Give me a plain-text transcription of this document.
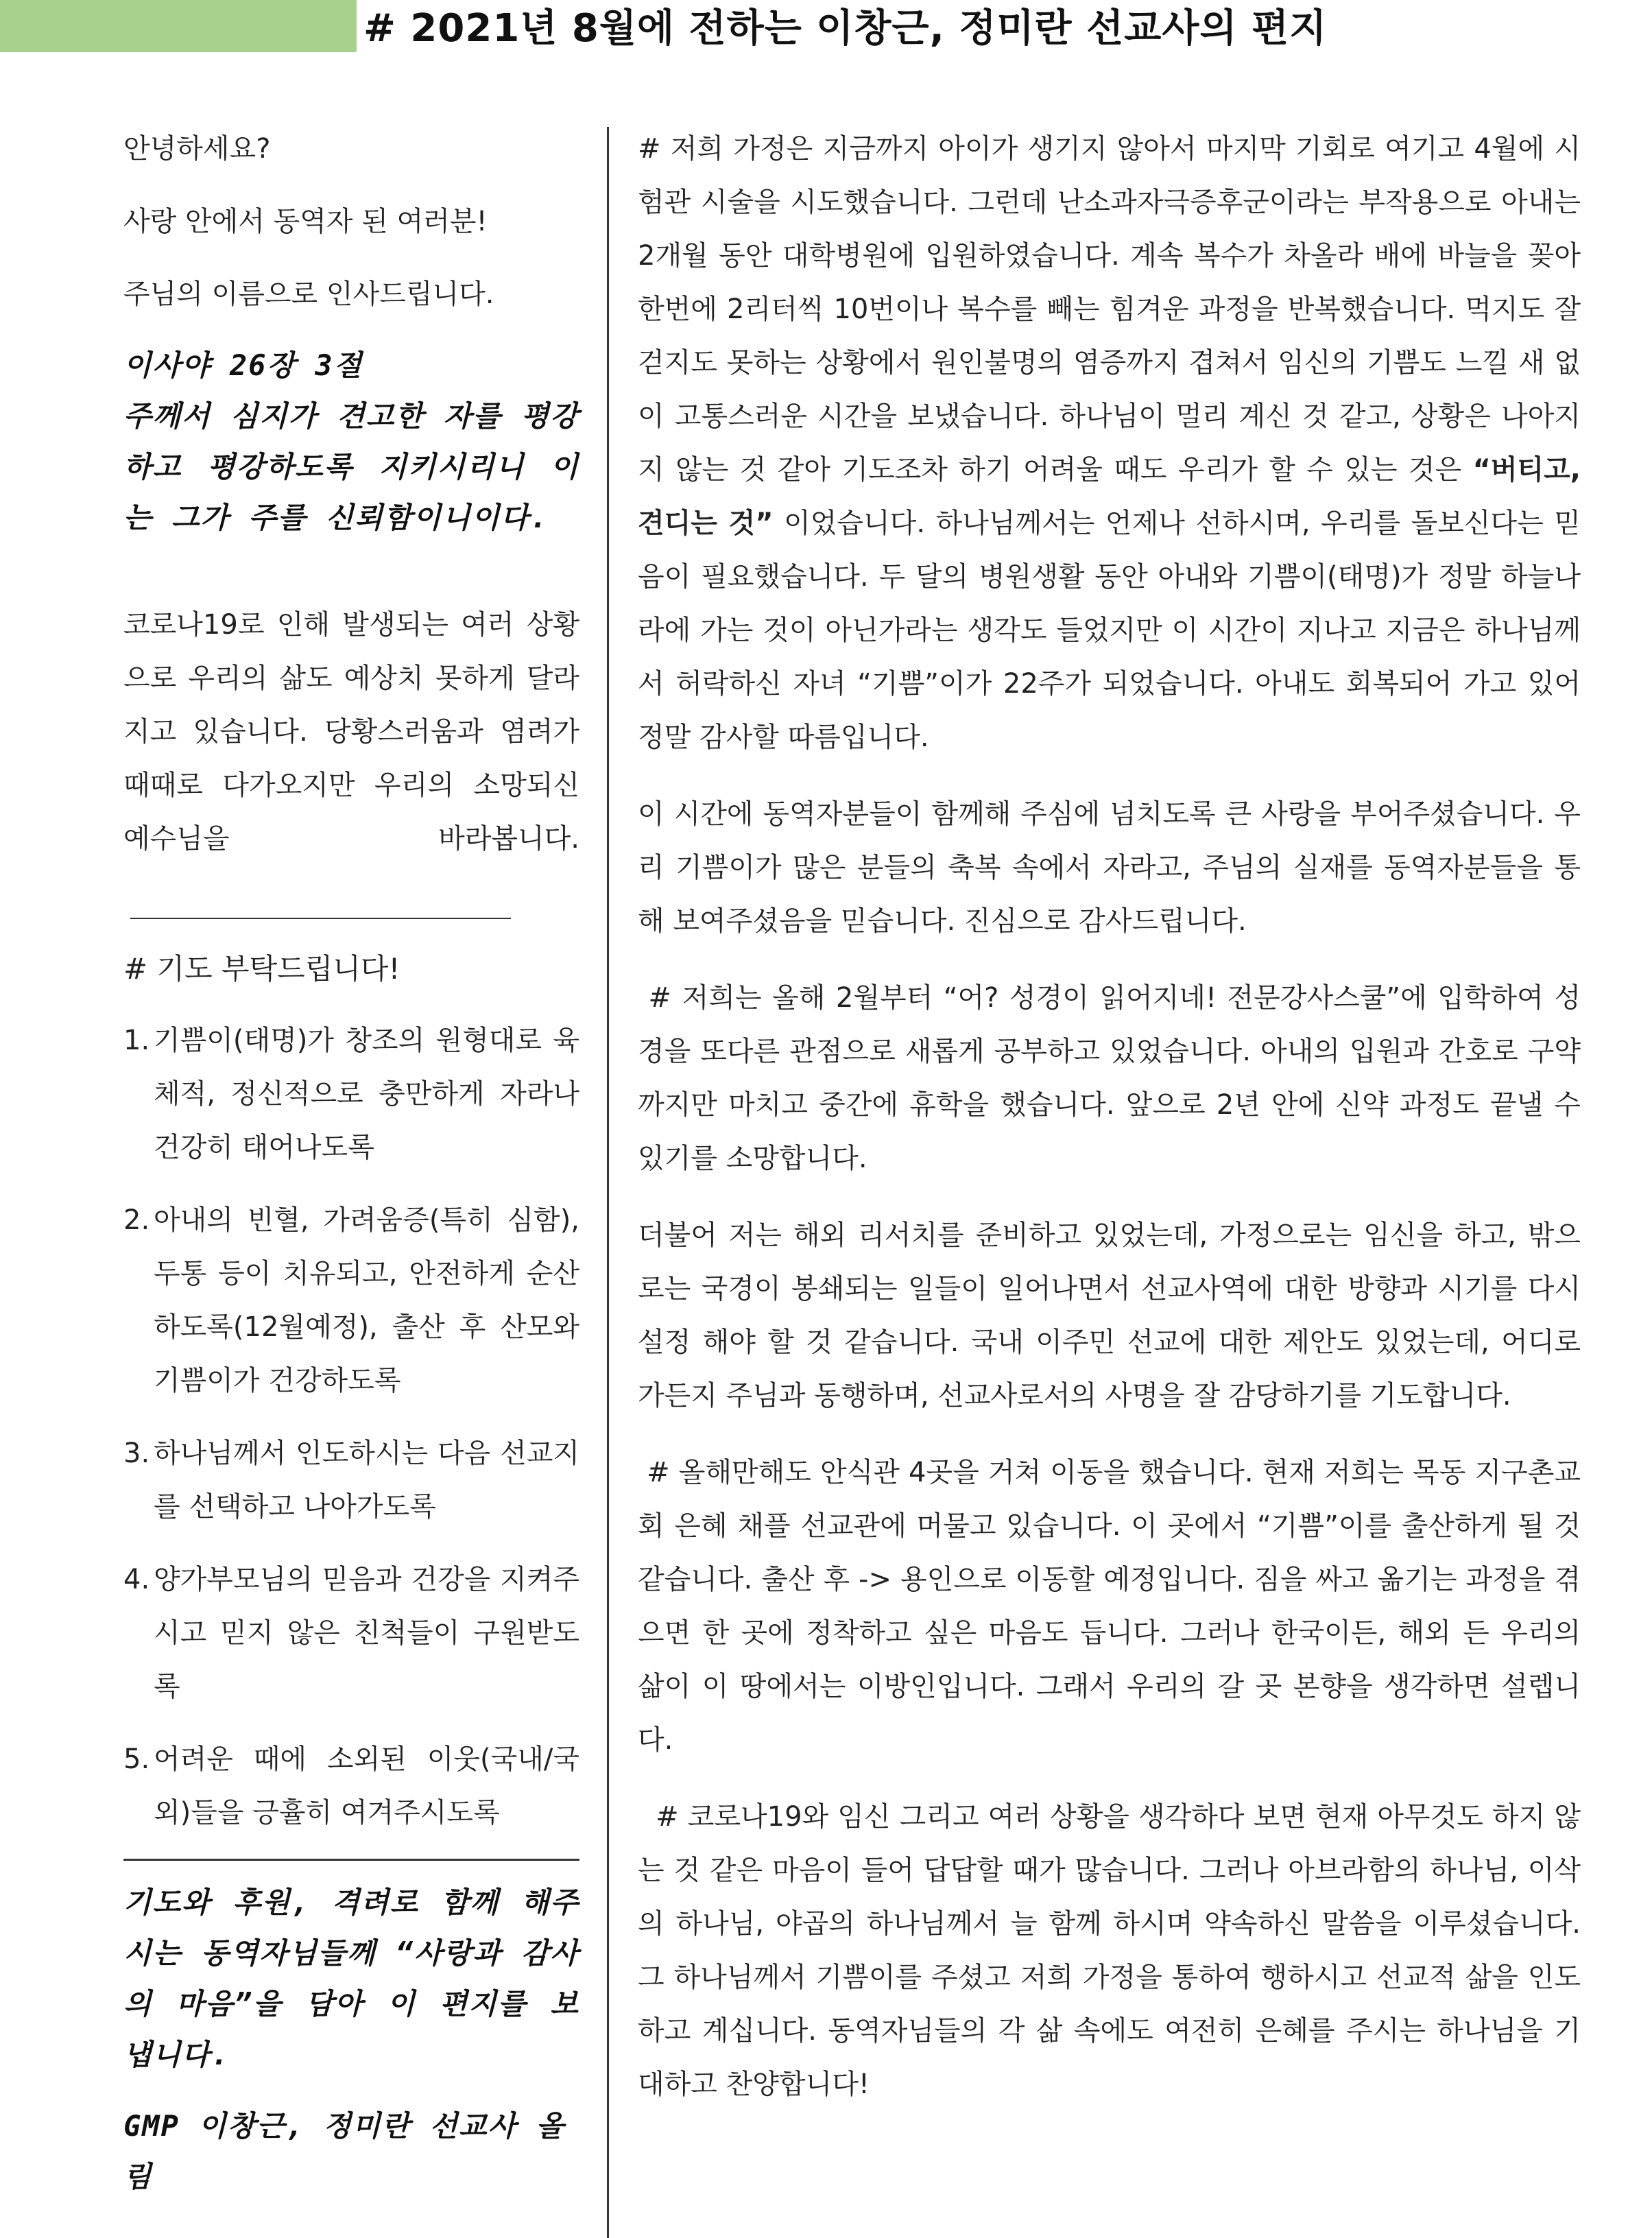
# 2021년 8월에 전하는 이창근, 정미란 선교사의 편지

안녕하세요?

사랑 안에서 동역자 된 여러분!

주님의 이름으로 인사드립니다.

이사야 26장 3절
주께서 심지가 견고한 자를 평강하고 평강하도록 지키시리니 이는 그가 주를 신뢰함이니이다.

코로나19로 인해 발생되는 여러 상황으로 우리의 삶도 예상치 못하게 달라지고 있습니다. 당황스러움과 염려가 때때로 다가오지만 우리의 소망되신 예수님을 바라봅니다.

# 기도 부탁드립니다!

1. 기쁨이(태명)가 창조의 원형대로 육체적, 정신적으로 충만하게 자라나 건강히 태어나도록
2. 아내의 빈혈, 가려움증(특히 심함), 두통 등이 치유되고, 안전하게 순산하도록(12월예정), 출산 후 산모와 기쁨이가 건강하도록
3. 하나님께서 인도하시는 다음 선교지를 선택하고 나아가도록
4. 양가부모님의 믿음과 건강을 지켜주시고 믿지 않은 친척들이 구원받도록
5. 어려운 때에 소외된 이웃(국내/국외)들을 긍휼히 여겨주시도록
기도와 후원, 격려로 함께 해주시는 동역자님들께 “사랑과 감사의 마음”을 담아 이 편지를 보냅니다.
GMP 이창근, 정미란 선교사 올림

# 저희 가정은 지금까지 아이가 생기지 않아서 마지막 기회로 여기고 4월에 시험관 시술을 시도했습니다. 그런데 난소과자극증후군이라는 부작용으로 아내는 2개월 동안 대학병원에 입원하였습니다. 계속 복수가 차올라 배에 바늘을 꽂아 한번에 2리터씩 10번이나 복수를 빼는 힘겨운 과정을 반복했습니다. 먹지도 잘 걷지도 못하는 상황에서 원인불명의 염증까지 겹쳐서 임신의 기쁨도 느낄 새 없이 고통스러운 시간을 보냈습니다. 하나님이 멀리 계신 것 같고, 상황은 나아지지 않는 것 같아 기도조차 하기 어려울 때도 우리가 할 수 있는 것은 “버티고, 견디는 것” 이었습니다. 하나님께서는 언제나 선하시며, 우리를 돌보신다는 믿음이 필요했습니다. 두 달의 병원생활 동안 아내와 기쁨이(태명)가 정말 하늘나라에 가는 것이 아닌가라는 생각도 들었지만 이 시간이 지나고 지금은 하나님께서 허락하신 자녀 “기쁨”이가 22주가 되었습니다. 아내도 회복되어 가고 있어 정말 감사할 따름입니다.

이 시간에 동역자분들이 함께해 주심에 넘치도록 큰 사랑을 부어주셨습니다. 우리 기쁨이가 많은 분들의 축복 속에서 자라고, 주님의 실재를 동역자분들을 통해 보여주셨음을 믿습니다. 진심으로 감사드립니다.

# 저희는 올해 2월부터 “어? 성경이 읽어지네! 전문강사스쿨”에 입학하여 성경을 또다른 관점으로 새롭게 공부하고 있었습니다. 아내의 입원과 간호로 구약까지만 마치고 중간에 휴학을 했습니다. 앞으로 2년 안에 신약 과정도 끝낼 수 있기를 소망합니다.

더불어 저는 해외 리서치를 준비하고 있었는데, 가정으로는 임신을 하고, 밖으로는 국경이 봉쇄되는 일들이 일어나면서 선교사역에 대한 방향과 시기를 다시 설정 해야 할 것 같습니다. 국내 이주민 선교에 대한 제안도 있었는데, 어디로 가든지 주님과 동행하며, 선교사로서의 사명을 잘 감당하기를 기도합니다.

# 올해만해도 안식관 4곳을 거쳐 이동을 했습니다. 현재 저희는 목동 지구촌교회 은혜 채플 선교관에 머물고 있습니다. 이 곳에서 “기쁨”이를 출산하게 될 것 같습니다. 출산 후 -> 용인으로 이동할 예정입니다. 짐을 싸고 옮기는 과정을 겪으면 한 곳에 정착하고 싶은 마음도 듭니다. 그러나 한국이든, 해외 든 우리의 삶이 이 땅에서는 이방인입니다. 그래서 우리의 갈 곳 본향을 생각하면 설렙니다.

# 코로나19와 임신 그리고 여러 상황을 생각하다 보면 현재 아무것도 하지 않는 것 같은 마음이 들어 답답할 때가 많습니다. 그러나 아브라함의 하나님, 이삭의 하나님, 야곱의 하나님께서 늘 함께 하시며 약속하신 말씀을 이루셨습니다. 그 하나님께서 기쁨이를 주셨고 저희 가정을 통하여 행하시고 선교적 삶을 인도하고 계십니다. 동역자님들의 각 삶 속에도 여전히 은혜를 주시는 하나님을 기대하고 찬양합니다!
